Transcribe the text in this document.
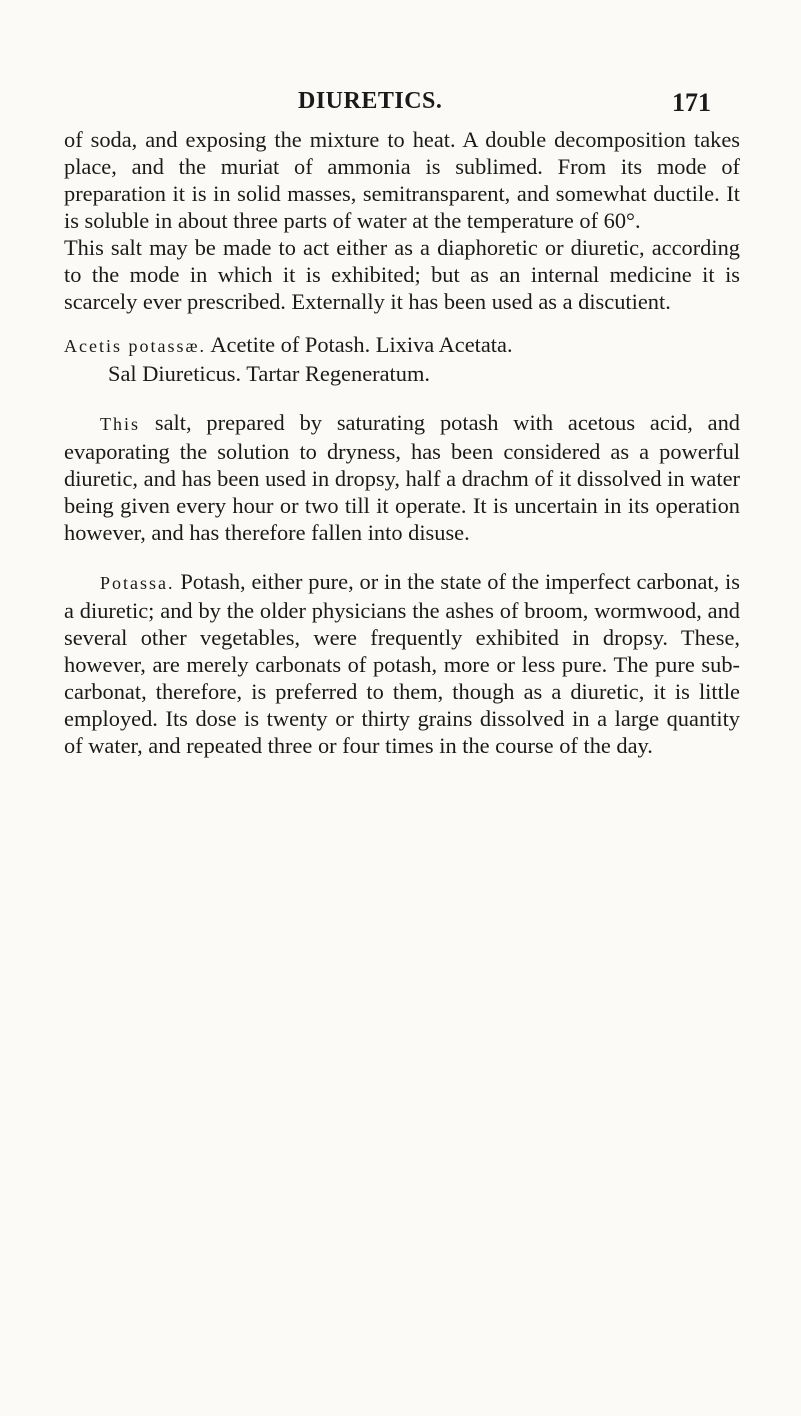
DIURETICS.	171

of soda, and exposing the mixture to heat. A double decomposition takes place, and the muriat of ammonia is sublimed. From its mode of preparation it is in solid masses, semitransparent, and somewhat ductile. It is soluble in about three parts of water at the temperature of 60°.

This salt may be made to act either as a diaphoretic or diuretic, according to the mode in which it is exhibited; but as an internal medicine it is scarcely ever prescribed. Externally it has been used as a discutient.

Acetis potassæ. Acetite of Potash. Lixiva Acetata.

Sal Diureticus. Tartar Regeneratum.

This salt, prepared by saturating potash with acetous acid, and evaporating the solution to dryness, has been considered as a powerful diuretic, and has been used in dropsy, half a drachm of it dissolved in water being given every hour or two till it operate. It is uncertain in its operation however, and has therefore fallen into disuse.

Potassa. Potash, either pure, or in the state of the imperfect carbonat, is a diuretic; and by the older physicians the ashes of broom, wormwood, and several other vegetables, were frequently exhibited in dropsy. These, however, are merely carbonats of potash, more or less pure. The pure sub-carbonat, therefore, is preferred to them, though as a diuretic, it is little employed. Its dose is twenty or thirty grains dissolved in a large quantity of water, and repeated three or four times in the course of the day.
